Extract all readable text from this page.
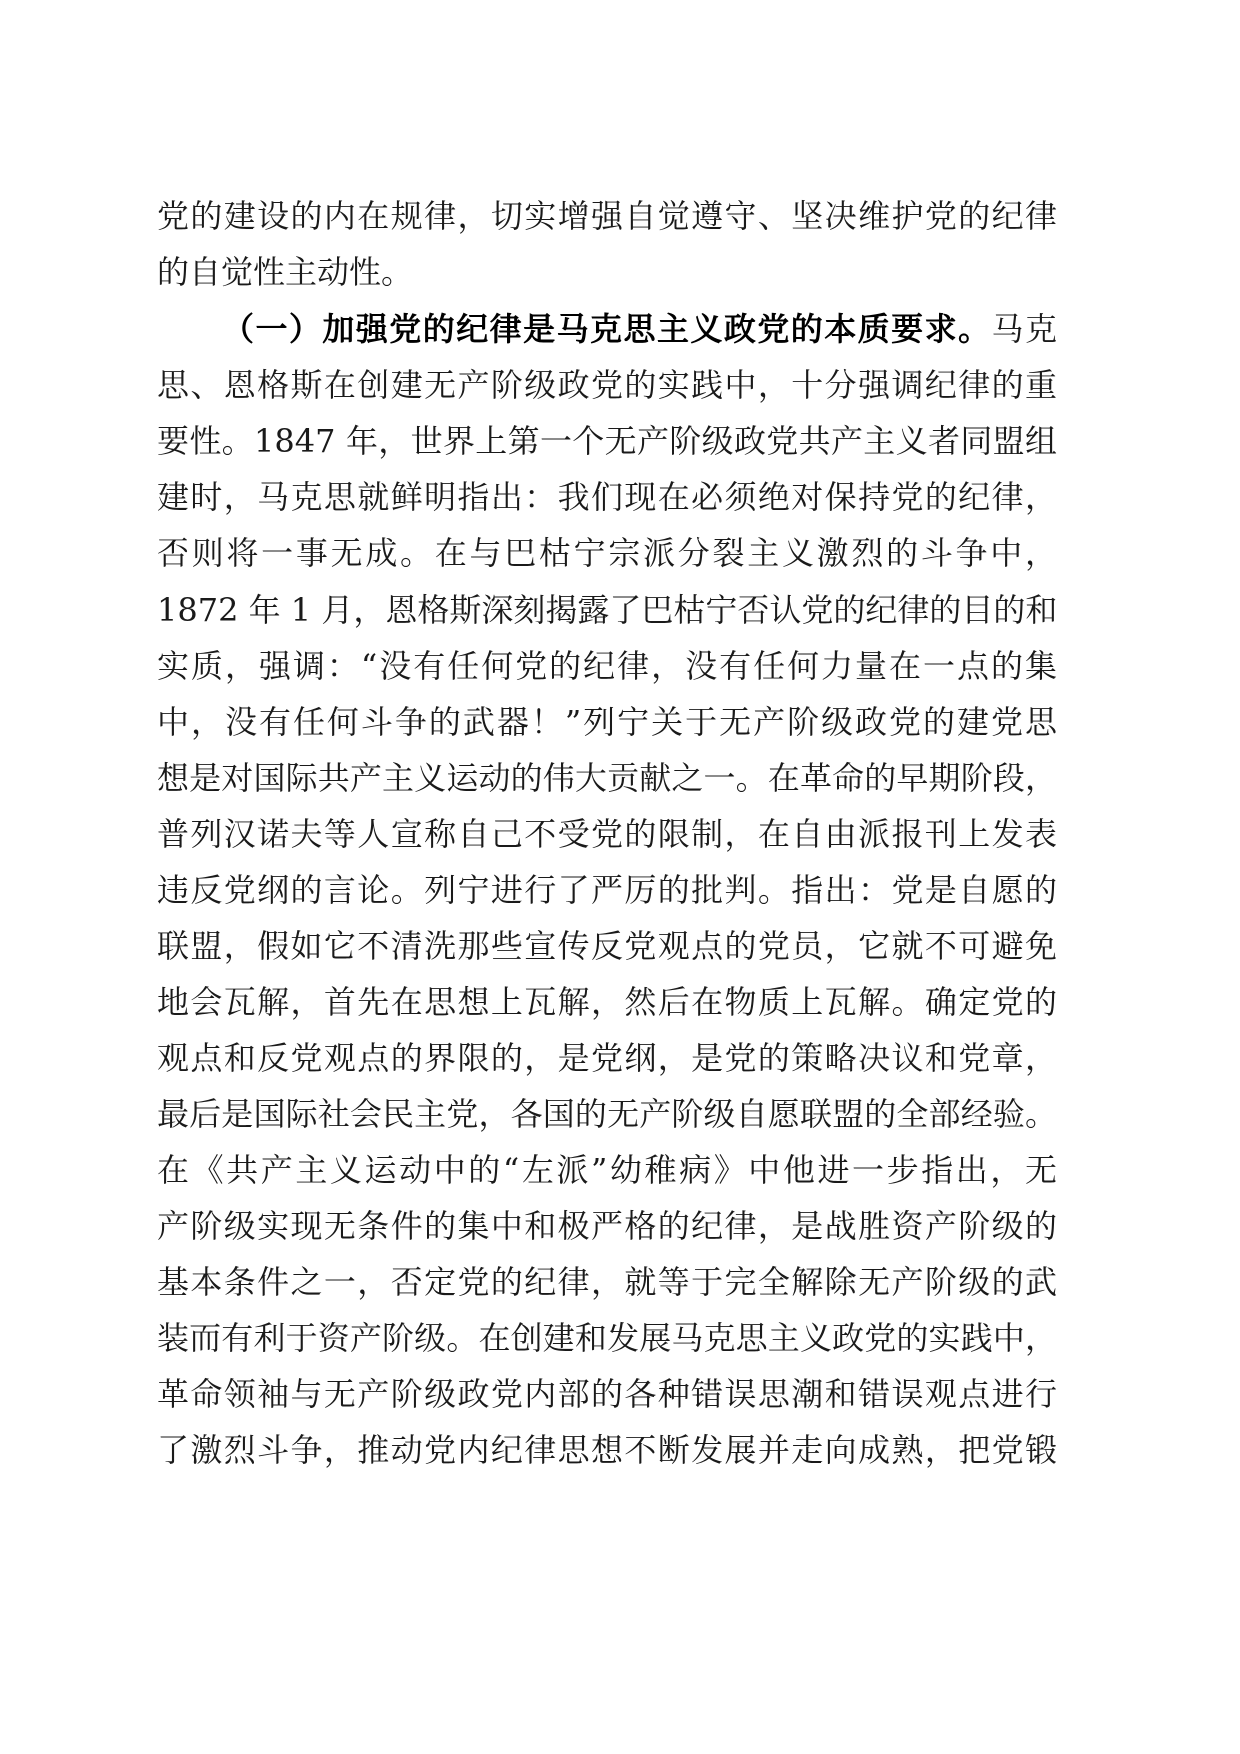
党的建设的内在规律，切实增强自觉遵守、坚决维护党的纪律
的自觉性主动性。
（一）加强党的纪律是马克思主义政党的本质要求。马克
思、恩格斯在创建无产阶级政党的实践中，十分强调纪律的重
要性。1847 年，世界上第一个无产阶级政党共产主义者同盟组
建时，马克思就鲜明指出：我们现在必须绝对保持党的纪律，
否则将一事无成。在与巴枯宁宗派分裂主义激烈的斗争中，
1872 年 1 月，恩格斯深刻揭露了巴枯宁否认党的纪律的目的和
实质，强调：“没有任何党的纪律，没有任何力量在一点的集
中，没有任何斗争的武器！”列宁关于无产阶级政党的建党思
想是对国际共产主义运动的伟大贡献之一。在革命的早期阶段，
普列汉诺夫等人宣称自己不受党的限制，在自由派报刊上发表
违反党纲的言论。列宁进行了严厉的批判。指出：党是自愿的
联盟，假如它不清洗那些宣传反党观点的党员，它就不可避免
地会瓦解，首先在思想上瓦解，然后在物质上瓦解。确定党的
观点和反党观点的界限的，是党纲，是党的策略决议和党章，
最后是国际社会民主党，各国的无产阶级自愿联盟的全部经验。
在《共产主义运动中的“左派”幼稚病》中他进一步指出，无
产阶级实现无条件的集中和极严格的纪律，是战胜资产阶级的
基本条件之一，否定党的纪律，就等于完全解除无产阶级的武
装而有利于资产阶级。在创建和发展马克思主义政党的实践中，
革命领袖与无产阶级政党内部的各种错误思潮和错误观点进行
了激烈斗争，推动党内纪律思想不断发展并走向成熟，把党锻
